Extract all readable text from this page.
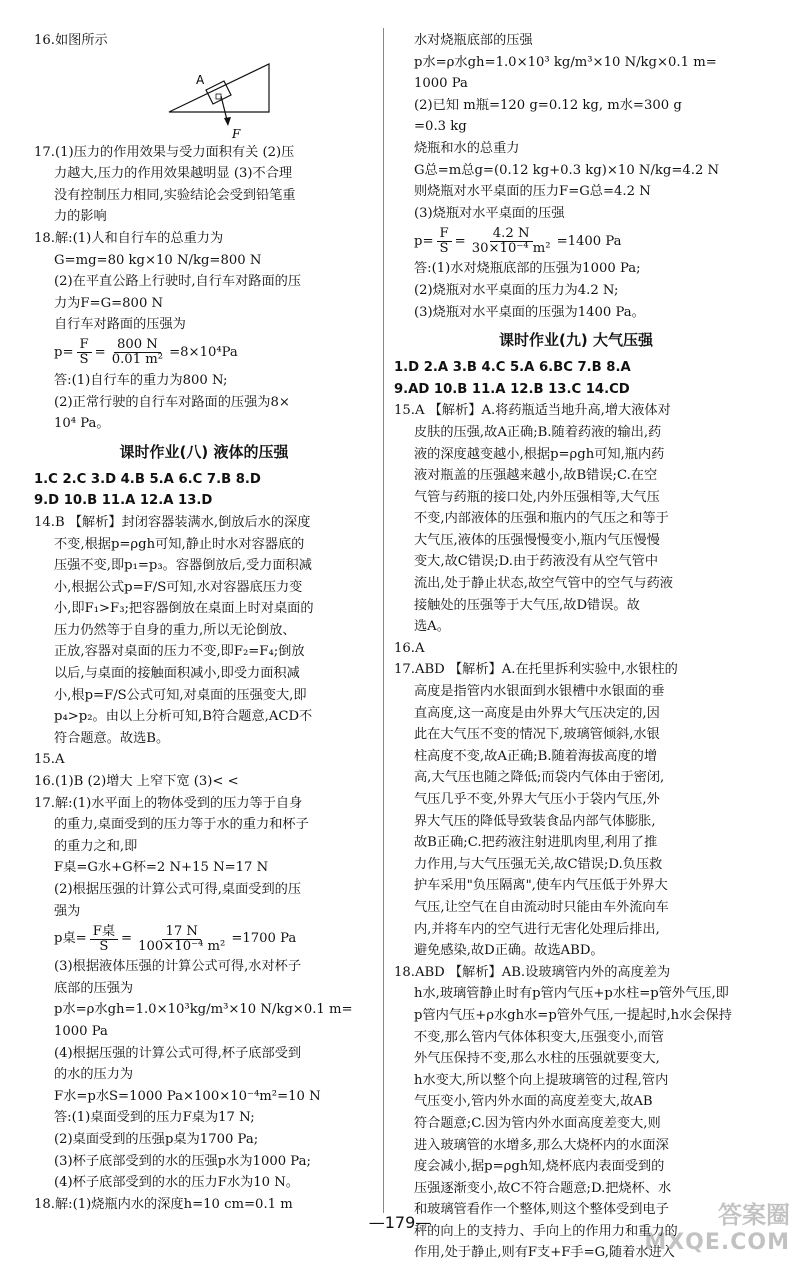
16.如图所示

A
F

17.(1)压力的作用效果与受力面积有关 (2)压

力越大,压力的作用效果越明显 (3)不合理

没有控制压力相同,实验结论会受到铅笔重

力的影响

18.解:(1)人和自行车的总重力为

G=mg=80 kg×10 N/kg=800 N

(2)在平直公路上行驶时,自行车对路面的压

力为F=G=800 N

自行车对路面的压强为

$p= \frac{F}{S} = \frac{800 N}{\text{0.01 m²}} =8\times 10^4Pa$

答:(1)自行车的重力为800 N;

(2)正常行驶的自行车对路面的压强为8×

10⁴ Pa。

课时作业(八) 液体的压强

1.C 2.C 3.D 4.B 5.A 6.C 7.B 8.D

9.D 10.B 11.A 12.A 13.D

14.B 【解析】封闭容器装满水,倒放后水的深度

不变,根据p=ρgh可知,静止时水对容器底的

压强不变,即p₁=p₃。容器倒放后,受力面积减

小,根据公式p=F/S可知,水对容器底压力变

小,即F₁>F₃;把容器倒放在桌面上时对桌面的

压力仍然等于自身的重力,所以无论倒放、

正放,容器对桌面的压力不变,即F₂=F₄;倒放

以后,与桌面的接触面积减小,即受力面积减

小,根p=F/S公式可知,对桌面的压强变大,即

p₄>p₂。由以上分析可知,B符合题意,ACD不

符合题意。故选B。

15.A

16.(1)B (2)增大 上窄下宽 (3)< <

17.解:(1)水平面上的物体受到的压力等于自身

的重力,桌面受到的压力等于水的重力和杯子

的重力之和,即

F桌=G水+G杯=2 N+15 N=17 N

(2)根据压强的计算公式可得,桌面受到的压

强为

p桌= $\frac{\text{F桌}}{S} = \frac{17 N}{\text{100×10⁻⁴ m²}} =1700$ Pa

(3)根据液体压强的计算公式可得,水对杯子

底部的压强为

p水=ρ水gh=1.0×10³kg/m³×10 N/kg×0.1 m=

1000 Pa

(4)根据压强的计算公式可得,杯子底部受到

的水的压力为

F水=p水S=1000 Pa×100×10⁻⁴m²=10 N

答:(1)桌面受到的压力F桌为17 N;

(2)桌面受到的压强p桌为1700 Pa;

(3)杯子底部受到的水的压强p水为1000 Pa;

(4)杯子底部受到的水的压力F水为10 N。

18.解:(1)烧瓶内水的深度h=10 cm=0.1 m

水对烧瓶底部的压强

p水=ρ水gh=1.0×10³ kg/m³×10 N/kg×0.1 m=

1000 Pa

(2)已知 m瓶=120 g=0.12 kg, m水=300 g

=0.3 kg

烧瓶和水的总重力

G总=m总g=(0.12 kg+0.3 kg)×10 N/kg=4.2 N

则烧瓶对水平桌面的压力F=G总=4.2 N

(3)烧瓶对水平桌面的压强

$p= \frac{F}{S} = \frac{4.2 N}{\text{30×10⁻⁴ m²}} =1400$ Pa

答:(1)水对烧瓶底部的压强为1000 Pa;

(2)烧瓶对水平桌面的压力为4.2 N;

(3)烧瓶对水平桌面的压强为1400 Pa。

课时作业(九) 大气压强

1.D 2.A 3.B 4.C 5.A 6.BC 7.B 8.A

9.AD 10.B 11.A 12.B 13.C 14.CD

15.A 【解析】A.将药瓶适当地升高,增大液体对

皮肤的压强,故A正确;B.随着药液的输出,药

液的深度越变越小,根据p=ρgh可知,瓶内药

液对瓶盖的压强越来越小,故B错误;C.在空

气管与药瓶的接口处,内外压强相等,大气压

不变,内部液体的压强和瓶内的气压之和等于

大气压,液体的压强慢慢变小,瓶内气压慢慢

变大,故C错误;D.由于药液没有从空气管中

流出,处于静止状态,故空气管中的空气与药液

接触处的压强等于大气压,故D错误。故

选A。

16.A

17.ABD 【解析】A.在托里拆利实验中,水银柱的

高度是指管内水银面到水银槽中水银面的垂

直高度,这一高度是由外界大气压决定的,因

此在大气压不变的情况下,玻璃管倾斜,水银

柱高度不变,故A正确;B.随着海拔高度的增

高,大气压也随之降低;而袋内气体由于密闭,

气压几乎不变,外界大气压小于袋内气压,外

界大气压的降低导致装食品内部气体膨胀,

故B正确;C.把药液注射进肌肉里,利用了推

力作用,与大气压强无关,故C错误;D.负压救

护车采用"负压隔离",使车内气压低于外界大

气压,让空气在自由流动时只能由车外流向车

内,并将车内的空气进行无害化处理后排出,

避免感染,故D正确。故选ABD。

18.ABD 【解析】AB.设玻璃管内外的高度差为

h水,玻璃管静止时有p管内气压+p水柱=p管外气压,即

p管内气压+ρ水gh水=p管外气压,一提起时,h水会保持

不变,那么管内气体体积变大,压强变小,而管

外气压保持不变,那么水柱的压强就要变大,

h水变大,所以整个向上提玻璃管的过程,管内

气压变小,管内外水面的高度差变大,故AB

符合题意;C.因为管内外水面高度差变大,则

进入玻璃管的水增多,那么大烧杯内的水面深

度会减小,据p=ρgh知,烧杯底内表面受到的

压强逐渐变小,故C不符合题意;D.把烧杯、水

和玻璃管看作一个整体,则这个整体受到电子

秤的向上的支持力、手向上的作用力和重力的

作用,处于静止,则有F支+F手=G,随着水进入

—179—	答案圈
MXQE.COM
